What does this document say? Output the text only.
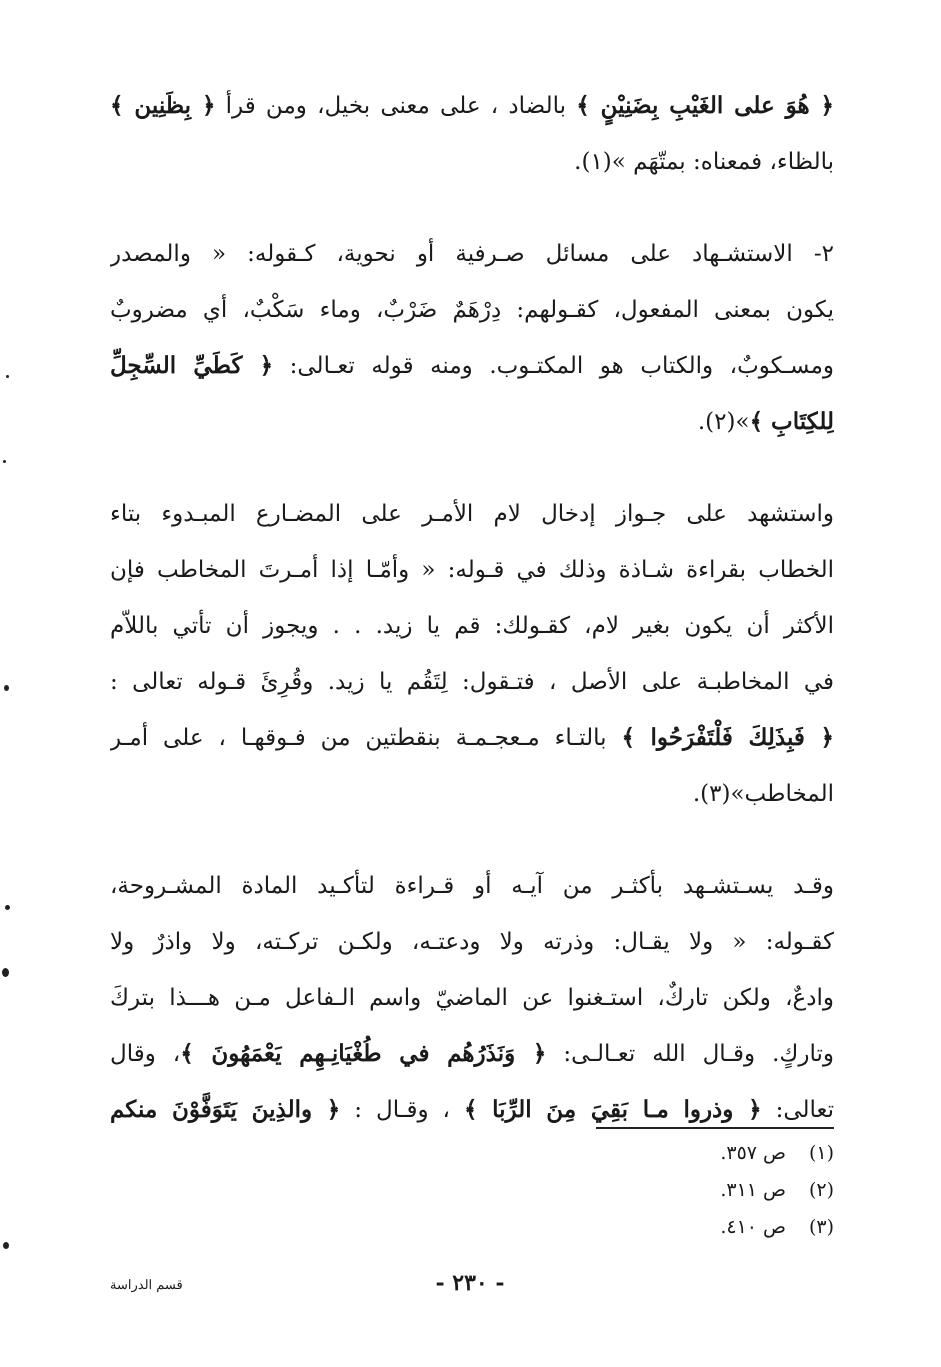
﴿ هُوَ على الغَيْبِ بِضَنِيْنٍ ﴾ بالضاد ، على معنى بخيل، ومن قرأ ﴿ بِظَنِين ﴾
بالظاء، فمعناه: بمتّهَم »(١).
٢- الاستشـهاد على مسائل صـرفية أو نحوية، كـقوله: « والمصدر
يكون بمعنى المفعول، كقـولهم: دِرْهَمٌ ضَرْبٌ، وماء سَكْبٌ، أي مضروبٌ
ومسـكوبٌ، والكتاب هو المكتـوب. ومنه قوله تعـالى: ﴿ كَطَيِّ السِّجِلِّ
لِلكِتَابِ ﴾»(٢).
واستشهد على جـواز إدخال لام الأمـر على المضـارع المبـدوء بتاء
الخطاب بقراءة شـاذة وذلك في قـوله: « وأمّـا إذا أمـرتَ المخاطب فإن
الأكثر أن يكون بغير لام، كقـولك: قم يا زيد. . . ويجوز أن تأتي باللاّم
في المخاطبـة على الأصل ، فتـقول: لِتَقُم يا زيد. وقُرِئَ قـوله تعالى :
﴿ فَبِذَلِكَ فَلْتَفْرَحُوا ﴾ بالتـاء مـعجـمـة بنقطتين من فـوقهـا ، على أمـر
المخاطب»(٣).
وقـد يسـتشـهد بأكثـر من آيـه أو قـراءة لتأكـيد المادة المشـروحة،
كقـوله: « ولا يقـال: وذرته ولا ودعتـه، ولكـن تركـته، ولا واذرٌ ولا
وادعٌ، ولكن تاركٌ، استـغنوا عن الماضيّ واسم الـفاعل مـن هـــذا بتركَ
وتاركٍ. وقـال الله تعـالـى: ﴿ وَنَذَرُهُم في طُغْيَانِـهِم يَعْمَهُونَ ﴾، وقال
تعالى: ﴿ وذروا مـا بَقِيَ مِنَ الرِّبَا ﴾ ، وقـال : ﴿ والذِينَ يَتَوَفَّوْنَ منكم
(١)ص ٣٥٧.
(٢)ص ٣١١.
(٣)ص ٤١٠.
- ٢٣٠ -
قسم الدراسة
